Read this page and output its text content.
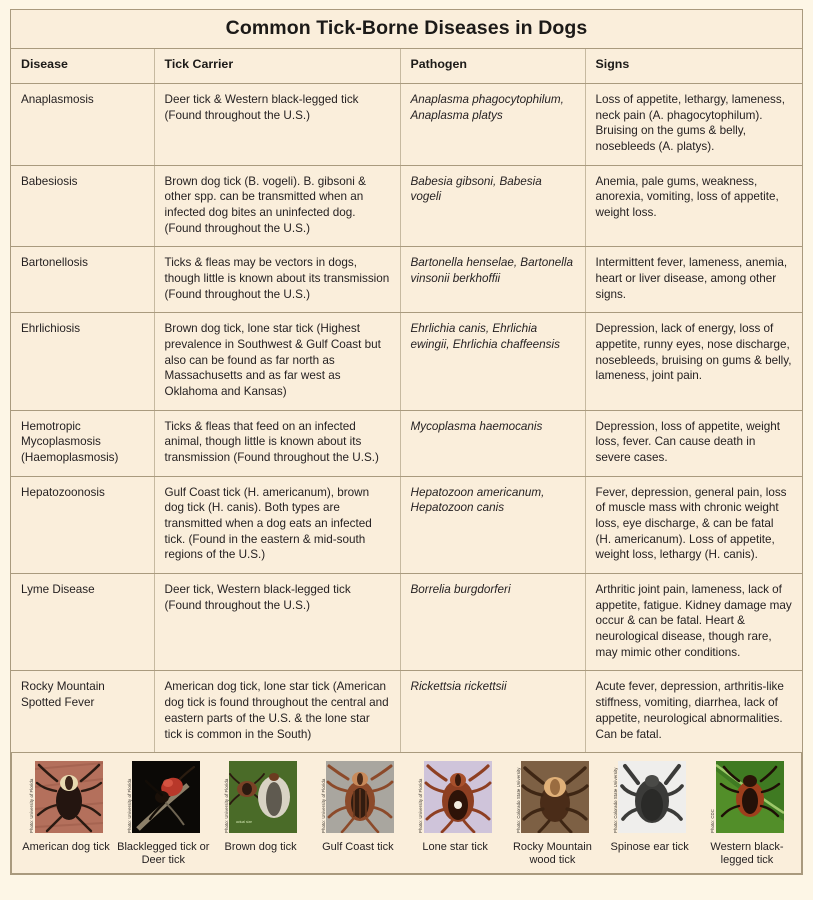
Common Tick-Borne Diseases in Dogs
Disease	Tick Carrier	Pathogen	Signs
Anaplasmosis	Deer tick & Western black-legged tick (Found throughout the U.S.)	Anaplasma phagocytophilum, Anaplasma platys	Loss of appetite, lethargy, lameness, neck pain (A. phagocytophilum). Bruising on the gums & belly, nosebleeds (A. platys).
Babesiosis	Brown dog tick (B. vogeli). B. gibsoni & other spp. can be transmitted when an infected dog bites an uninfected dog. (Found throughout the U.S.)	Babesia gibsoni, Babesia vogeli	Anemia, pale gums, weakness, anorexia, vomiting, loss of appetite, weight loss.
Bartonellosis	Ticks & fleas may be vectors in dogs, though little is known about its transmission (Found throughout the U.S.)	Bartonella henselae, Bartonella vinsonii berkhoffii	Intermittent fever, lameness, anemia, heart or liver disease, among other signs.
Ehrlichiosis	Brown dog tick, lone star tick (Highest prevalence in Southwest & Gulf Coast but also can be found as far north as Massachusetts and as far west as Oklahoma and Kansas)	Ehrlichia canis, Ehrlichia ewingii, Ehrlichia chaffeensis	Depression, lack of energy, loss of appetite, runny eyes, nose discharge, nosebleeds, bruising on gums & belly, lameness, joint pain.
Hemotropic Mycoplasmosis (Haemoplasmosis)	Ticks & fleas that feed on an infected animal, though little is known about its transmission (Found throughout the U.S.)	Mycoplasma haemocanis	Depression, loss of appetite, weight loss, fever. Can cause death in severe cases.
Hepatozoonosis	Gulf Coast tick (H. americanum), brown dog tick (H. canis). Both types are transmitted when a dog eats an infected tick. (Found in the eastern & mid-south regions of the U.S.)	Hepatozoon americanum, Hepatozoon canis	Fever, depression, general pain, loss of muscle mass with chronic weight loss, eye discharge, & can be fatal (H. americanum). Loss of appetite, weight loss, lethargy (H. canis).
Lyme Disease	Deer tick, Western black-legged tick (Found throughout the U.S.)	Borrelia burgdorferi	Arthritic joint pain, lameness, lack of appetite, fatigue. Kidney damage may occur & can be fatal. Heart & neurological disease, though rare, may mimic other conditions.
Rocky Mountain Spotted Fever	American dog tick, lone star tick (American dog tick is found throughout the central and eastern parts of the U.S. & the lone star tick is common in the South)	Rickettsia rickettsii	Acute fever, depression, arthritis-like stiffness, vomiting, diarrhea, lack of appetite, neurological abnormalities. Can be fatal.
Photo: University of Florida
American dog tick
Photo: University of Florida
Blacklegged tick or Deer tick
Photo: University of Florida actual size
Brown dog tick
Photo: University of Florida
Gulf Coast tick
Photo: University of Florida
Lone star tick
Photo: Colorado State University
Rocky Mountain wood tick
Photo: Colorado State University
Spinose ear tick
Photo: CDC
Western black-legged tick
